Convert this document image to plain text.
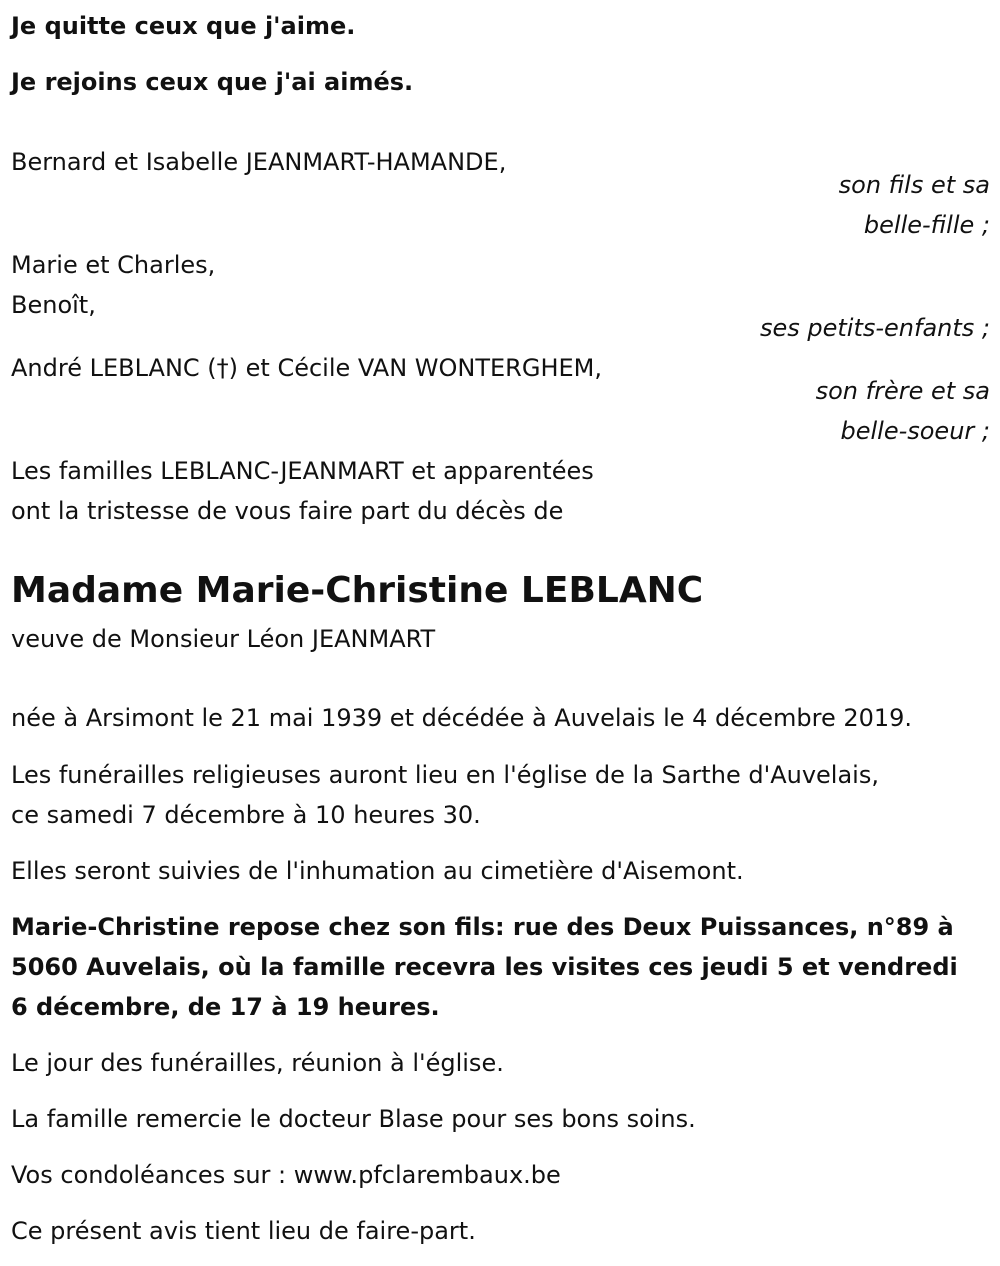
Je quitte ceux que j'aime.

Je rejoins ceux que j'ai aimés.

Bernard et Isabelle JEANMART-HAMANDE,

son fils et sa

belle-fille ;

Marie et Charles,

Benoît,

ses petits-enfants ;

André LEBLANC (†) et Cécile VAN WONTERGHEM,

son frère et sa

belle-soeur ;

Les familles LEBLANC-JEANMART et apparentées

ont la tristesse de vous faire part du décès de

Madame Marie-Christine LEBLANC

veuve de Monsieur Léon JEANMART

née à Arsimont le 21 mai 1939 et décédée à Auvelais le 4 décembre 2019.

Les funérailles religieuses auront lieu en l'église de la Sarthe d'Auvelais,

ce samedi 7 décembre à 10 heures 30.

Elles seront suivies de l'inhumation au cimetière d'Aisemont.

Marie-Christine repose chez son fils: rue des Deux Puissances, n°89 à

5060 Auvelais, où la famille recevra les visites ces jeudi 5 et vendredi

6 décembre, de 17 à 19 heures.

Le jour des funérailles, réunion à l'église.

La famille remercie le docteur Blase pour ses bons soins.

Vos condoléances sur : www.pfclarembaux.be

Ce présent avis tient lieu de faire-part.
